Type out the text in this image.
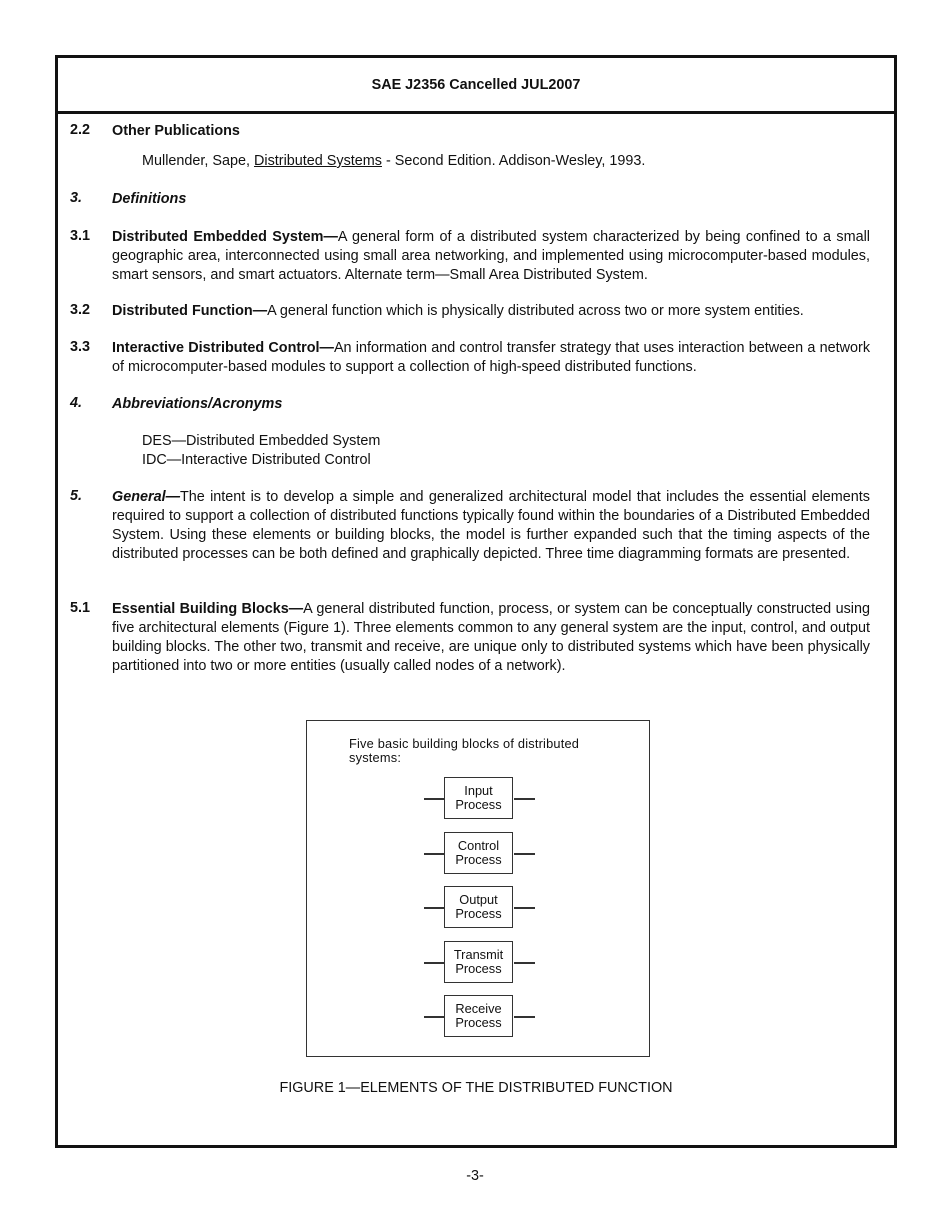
SAE J2356 Cancelled JUL2007
2.2 Other Publications
Mullender, Sape, Distributed Systems - Second Edition. Addison-Wesley, 1993.
3. Definitions
3.1 Distributed Embedded System—A general form of a distributed system characterized by being confined to a small geographic area, interconnected using small area networking, and implemented using microcomputer-based modules, smart sensors, and smart actuators. Alternate term—Small Area Distributed System.
3.2 Distributed Function—A general function which is physically distributed across two or more system entities.
3.3 Interactive Distributed Control—An information and control transfer strategy that uses interaction between a network of microcomputer-based modules to support a collection of high-speed distributed functions.
4. Abbreviations/Acronyms
DES—Distributed Embedded System
IDC—Interactive Distributed Control
5. General—The intent is to develop a simple and generalized architectural model that includes the essential elements required to support a collection of distributed functions typically found within the boundaries of a Distributed Embedded System. Using these elements or building blocks, the model is further expanded such that the timing aspects of the distributed processes can be both defined and graphically depicted. Three time diagramming formats are presented.
5.1 Essential Building Blocks—A general distributed function, process, or system can be conceptually constructed using five architectural elements (Figure 1). Three elements common to any general system are the input, control, and output building blocks. The other two, transmit and receive, are unique only to distributed systems which have been physically partitioned into two or more entities (usually called nodes of a network).
Five basic building blocks of distributed
systems:
Input
Process
Control
Process
Output
Process
Transmit
Process
Receive
Process
FIGURE 1—ELEMENTS OF THE DISTRIBUTED FUNCTION
-3-
